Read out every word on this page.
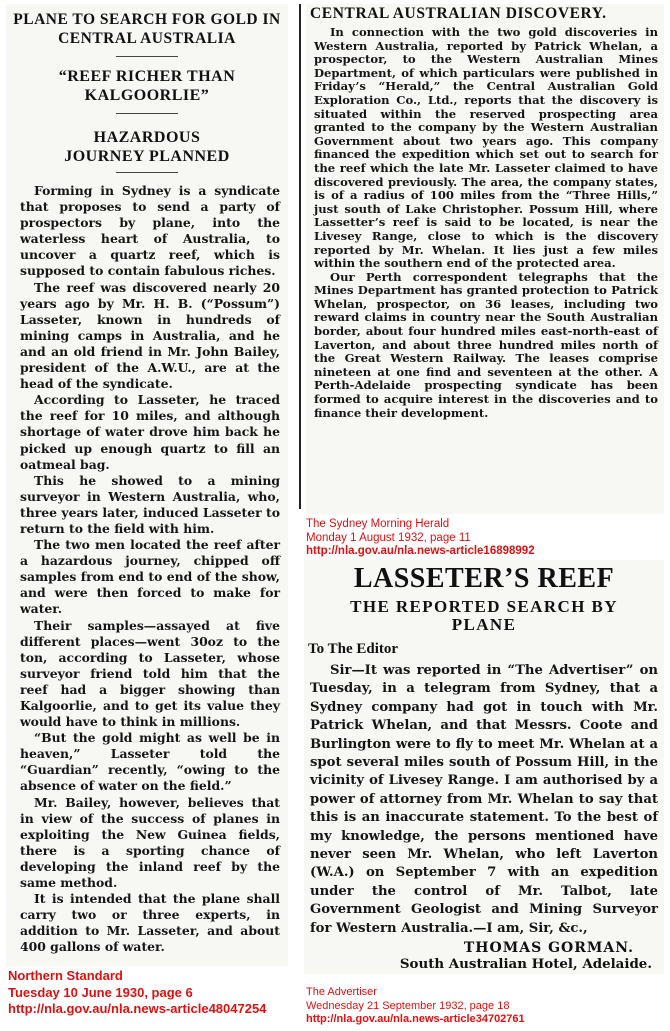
PLANE TO SEARCH FOR GOLD IN CENTRAL AUSTRALIA
“REEF RICHER THAN KALGOORLIE”
HAZARDOUS JOURNEY PLANNED

Forming in Sydney is a syndicate that proposes to send a party of prospectors by plane, into the waterless heart of Australia, to uncover a quartz reef, which is supposed to contain fabulous riches.

The reef was discovered nearly 20 years ago by Mr. H. B. (“Possum”) Lasseter, known in hundreds of mining camps in Australia, and he and an old friend in Mr. John Bailey, president of the A.W.U., are at the head of the syndicate.

According to Lasseter, he traced the reef for 10 miles, and although shortage of water drove him back he picked up enough quartz to fill an oatmeal bag.

This he showed to a mining surveyor in Western Australia, who, three years later, induced Lasseter to return to the field with him.

The two men located the reef after a hazardous journey, chipped off samples from end to end of the show, and were then forced to make for water.

Their samples—assayed at five different places—went 30oz to the ton, according to Lasseter, whose surveyor friend told him that the reef had a bigger showing than Kalgoorlie, and to get its value they would have to think in millions.

“But the gold might as well be in heaven,” Lasseter told the “Guardian” recently, “owing to the absence of water on the field.”

Mr. Bailey, however, believes that in view of the success of planes in exploiting the New Guinea fields, there is a sporting chance of developing the inland reef by the same method.

It is intended that the plane shall carry two or three experts, in addition to Mr. Lasseter, and about 400 gallons of water.

CENTRAL AUSTRALIAN DISCOVERY.

In connection with the two gold discoveries in Western Australia, reported by Patrick Whelan, a prospector, to the Western Australian Mines Department, of which particulars were published in Friday’s “Herald,” the Central Australian Gold Exploration Co., Ltd., reports that the discovery is situated within the reserved prospecting area granted to the company by the Western Australian Government about two years ago. This company financed the expedition which set out to search for the reef which the late Mr. Lasseter claimed to have discovered previously. The area, the company states, is of a radius of 100 miles from the “Three Hills,” just south of Lake Christopher. Possum Hill, where Lassetter’s reef is said to be located, is near the Livesey Range, close to which is the discovery reported by Mr. Whelan. It lies just a few miles within the southern end of the protected area.

Our Perth correspondent telegraphs that the Mines Department has granted protection to Patrick Whelan, prospector, on 36 leases, including two reward claims in country near the South Australian border, about four hundred miles east-north-east of Laverton, and about three hundred miles north of the Great Western Railway. The leases comprise nineteen at one find and seventeen at the other. A Perth-Adelaide prospecting syndicate has been formed to acquire interest in the discoveries and to finance their development.

The Sydney Morning Herald
Monday 1 August 1932, page 11
http://nla.gov.au/nla.news-article16898992
LASSETER’S REEF
THE REPORTED SEARCH BY PLANE
To The Editor

Sir—It was reported in “The Advertiser” on Tuesday, in a telegram from Sydney, that a Sydney company had got in touch with Mr. Patrick Whelan, and that Messrs. Coote and Burlington were to fly to meet Mr. Whelan at a spot several miles south of Possum Hill, in the vicinity of Livesey Range. I am authorised by a power of attorney from Mr. Whelan to say that this is an inaccurate statement. To the best of my knowledge, the persons mentioned have never seen Mr. Whelan, who left Laverton (W.A.) on September 7 with an expedition under the control of Mr. Talbot, late Government Geologist and Mining Surveyor for Western Australia.—I am, Sir, &c.,

THOMAS GORMAN.
South Australian Hotel, Adelaide.
Northern Standard
Tuesday 10 June 1930, page 6
http://nla.gov.au/nla.news-article48047254
The Advertiser
Wednesday 21 September 1932, page 18
http://nla.gov.au/nla.news-article34702761
